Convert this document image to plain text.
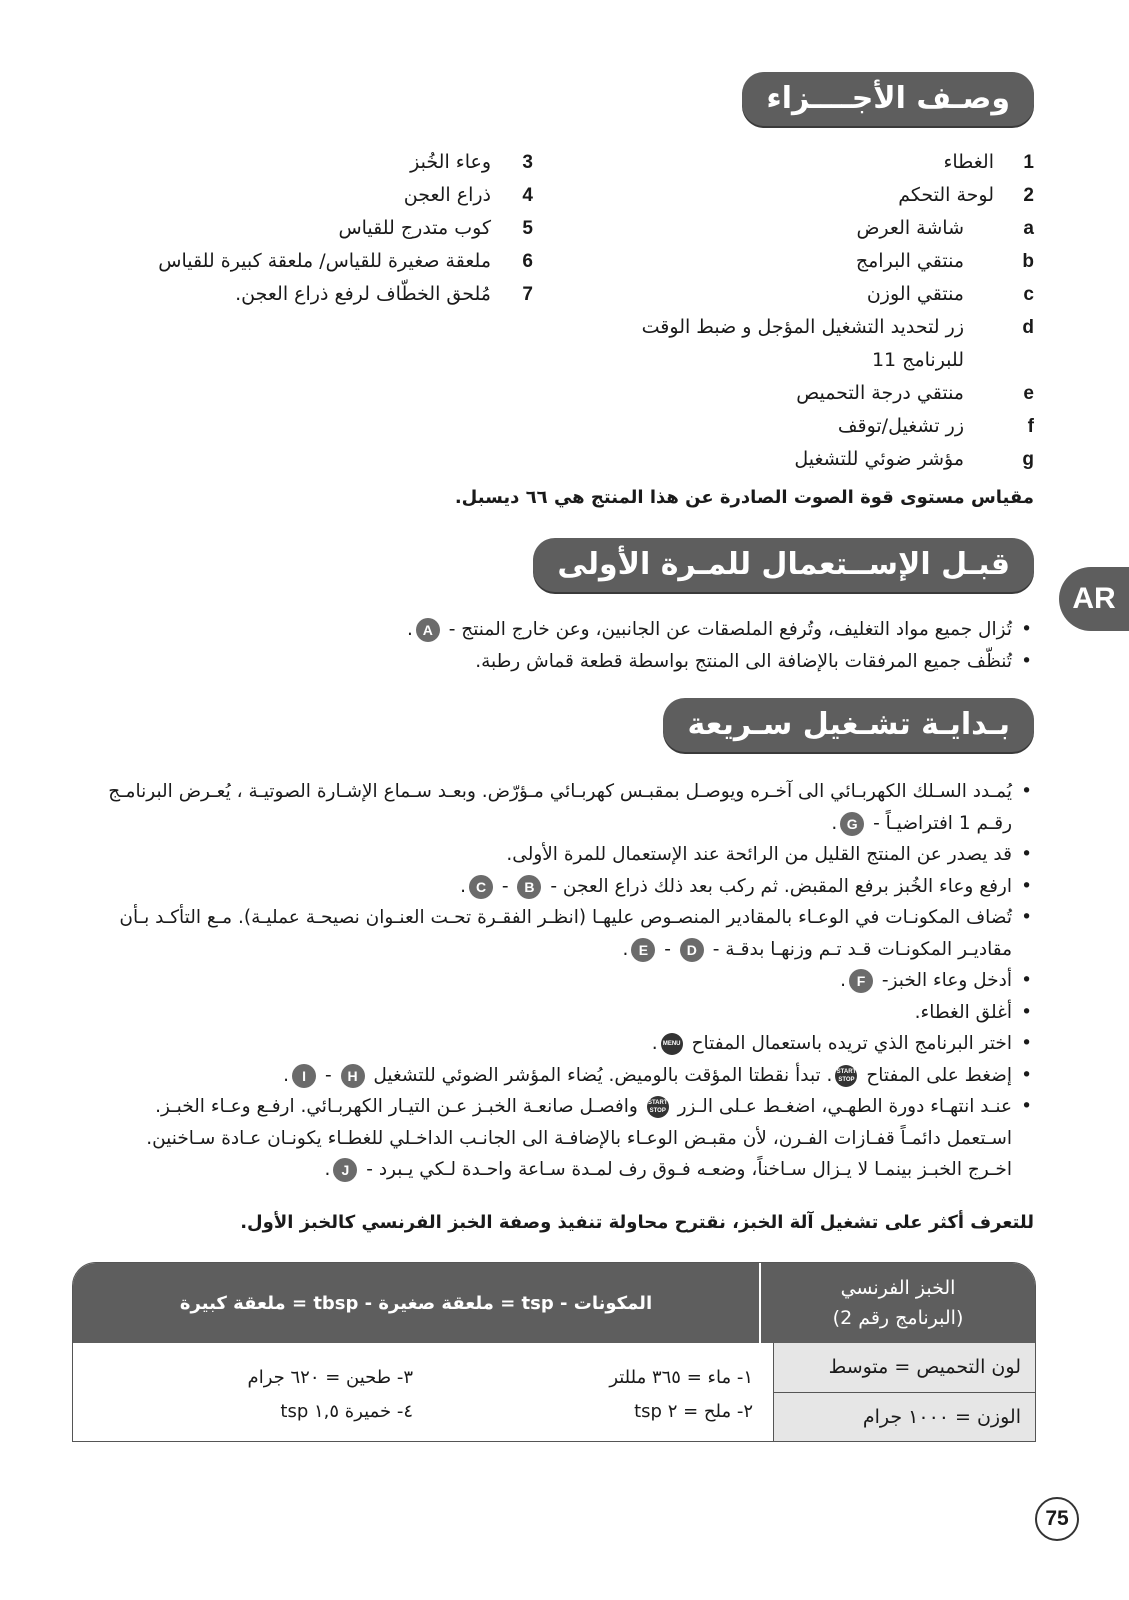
وصـف الأجــــزاء
1
الغطاء
2
لوحة التحكم
a
شاشة العرض
b
منتقي البرامج
c
منتقي الوزن
d
زر لتحديد التشغيل المؤجل و ضبط الوقت
للبرنامج 11
e
منتقي درجة التحميص
f
زر تشغيل/توقف
g
مؤشر ضوئي للتشغيل
3
وعاء الخُبز
4
ذراع العجن
5
كوب متدرج للقياس
6
ملعقة صغيرة للقياس/ ملعقة كبيرة للقياس
7
مُلحق الخطّاف لرفع ذراع العجن.
مقياس مستوى قوة الصوت الصادرة عن هذا المنتج هي ٦٦ ديسبل.
قبـل الإســتعمال للمـرة الأولى
AR
• تُزال جميع مواد التغليف، وتُرفع الملصقات عن الجانبين، وعن خارج المنتج - A.
• تُنظّف جميع المرفقات بالإضافة الى المنتج بواسطة قطعة قماش رطبة.
بـدايـة تشـغيل سـريعة
• يُمـدد السـلك الكهربـائي الى آخـره ويوصـل بمقبـس كهربـائي مـؤرّض. وبعـد سـماع الإشـارة الصوتيـة ، يُعـرض البرنامـج
رقـم 1 افتراضيـاً - G.
• قد يصدر عن المنتج القليل من الرائحة عند الإستعمال للمرة الأولى.
• ارفع وعاء الخُبز برفع المقبض. ثم ركب بعد ذلك ذراع العجن - B - C.
• تُضاف المكونـات في الوعـاء بالمقادير المنصـوص عليهـا (انظـر الفقـرة تحـت العنـوان نصيحـة عمليـة). مـع التأكـد بـأن
مقاديـر المكونـات قـد تـم وزنهـا بدقـة - D - E.
• أدخل وعاء الخبز- F.
• أغلق الغطاء.
• اختر البرنامج الذي تريده باستعمال المفتاح MENU.
• إضغط على المفتاح START STOP. تبدأ نقطتا المؤقت بالوميض. يُضاء المؤشر الضوئي للتشغيل H - I.
• عنـد انتهـاء دورة الطهـي، اضغـط عـلى الـزر START STOP وافصـل صانعـة الخبـز عـن التيـار الكهربـائي. ارفـع وعـاء الخبـز.
اسـتعمل دائمـاً قفـازات الفـرن، لأن مقبـض الوعـاء بالإضافـة الى الجانـب الداخـلي للغطـاء يكونـان عـادة سـاخنين.
اخـرج الخبـز بينمـا لا يـزال سـاخناً، وضعـه فـوق رف لمـدة سـاعة واحـدة لـكي يـبرد - J.
للتعرف أكثر على تشغيل آلة الخبز، نقترح محاولة تنفيذ وصفة الخبز الفرنسي كالخبز الأول.
الخبز الفرنسي
(البرنامج رقم 2)
المكونات - tsp = ملعقة صغيرة - tbsp = ملعقة كبيرة
لون التحميص = متوسط
الوزن = ١٠٠٠ جرام
١- ماء = ٣٦٥ مللتر
٢- ملح = ٢ tsp
٣- طحين = ٦٢٠ جرام
٤- خميرة ١,٥ tsp
75
